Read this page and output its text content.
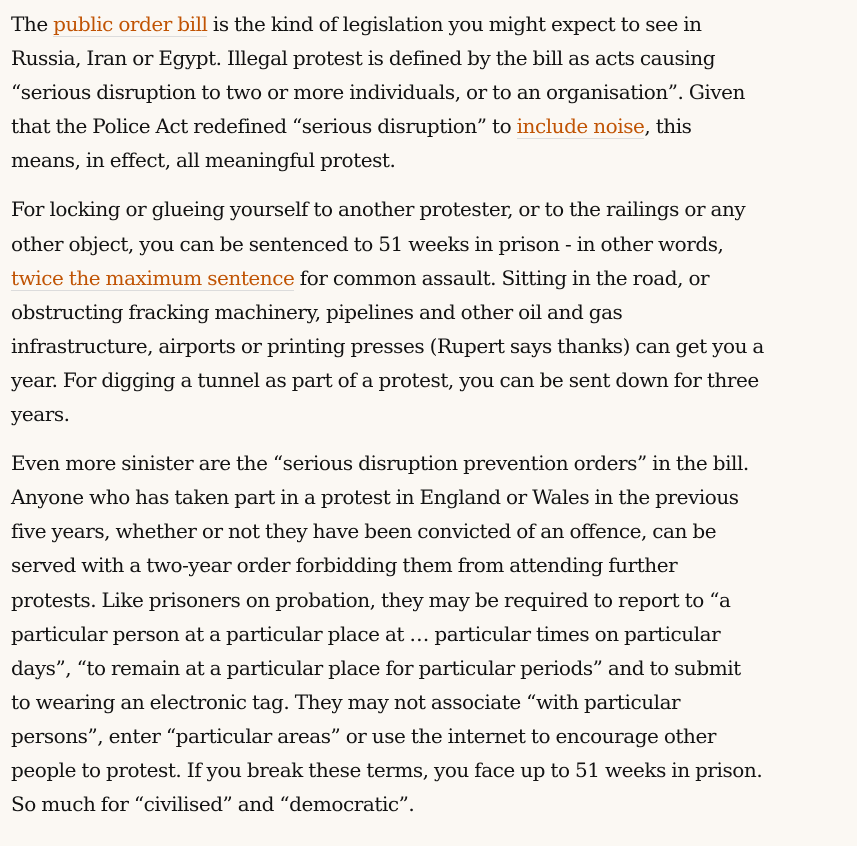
The public order bill is the kind of legislation you might expect to see in
Russia, Iran or Egypt. Illegal protest is defined by the bill as acts causing
“serious disruption to two or more individuals, or to an organisation”. Given
that the Police Act redefined “serious disruption” to include noise, this
means, in effect, all meaningful protest.

For locking or glueing yourself to another protester, or to the railings or any
other object, you can be sentenced to 51 weeks in prison - in other words,
twice the maximum sentence for common assault. Sitting in the road, or
obstructing fracking machinery, pipelines and other oil and gas
infrastructure, airports or printing presses (Rupert says thanks) can get you a
year. For digging a tunnel as part of a protest, you can be sent down for three
years.

Even more sinister are the “serious disruption prevention orders” in the bill.
Anyone who has taken part in a protest in England or Wales in the previous
five years, whether or not they have been convicted of an offence, can be
served with a two-year order forbidding them from attending further
protests. Like prisoners on probation, they may be required to report to “a
particular person at a particular place at … particular times on particular
days”, “to remain at a particular place for particular periods” and to submit
to wearing an electronic tag. They may not associate “with particular
persons”, enter “particular areas” or use the internet to encourage other
people to protest. If you break these terms, you face up to 51 weeks in prison.
So much for “civilised” and “democratic”.
